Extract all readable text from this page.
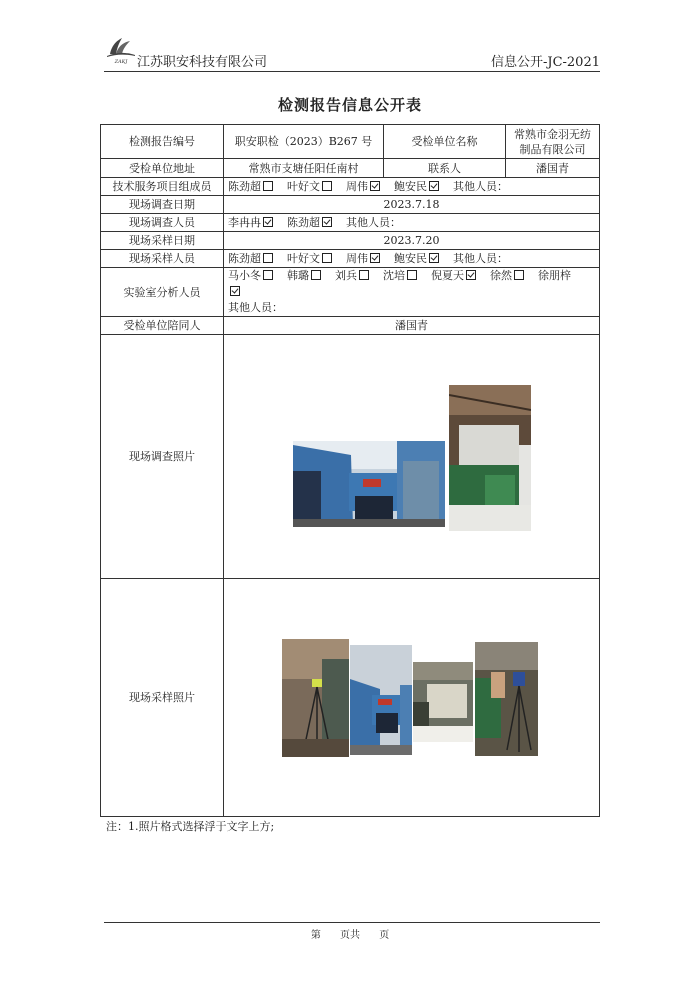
ZAKJ 江苏职安科技有限公司	信息公开-JC-2021
检测报告信息公开表
检测报告编号	职安职检（2023）B267 号	受检单位名称	常熟市金羽无纺制品有限公司
受检单位地址	常熟市支塘任阳任南村	联系人	潘国青
技术服务项目组成员	陈劲超 叶好文 周伟 鲍安民 其他人员：		
现场调查日期	2023.7.18		
现场调查人员	李冉冉 陈劲超 其他人员：		
现场采样日期	2023.7.20		
现场采样人员	陈劲超 叶好文 周伟 鲍安民 其他人员：		
实验室分析人员	马小冬 韩璐 刘兵 沈培 倪夏天 徐然 徐朋梓
其他人员：		
受检单位陪同人	潘国青		
现场调查照片	

现场采样照片	
注：1.照片格式选择浮于文字上方;
第 页共 页
